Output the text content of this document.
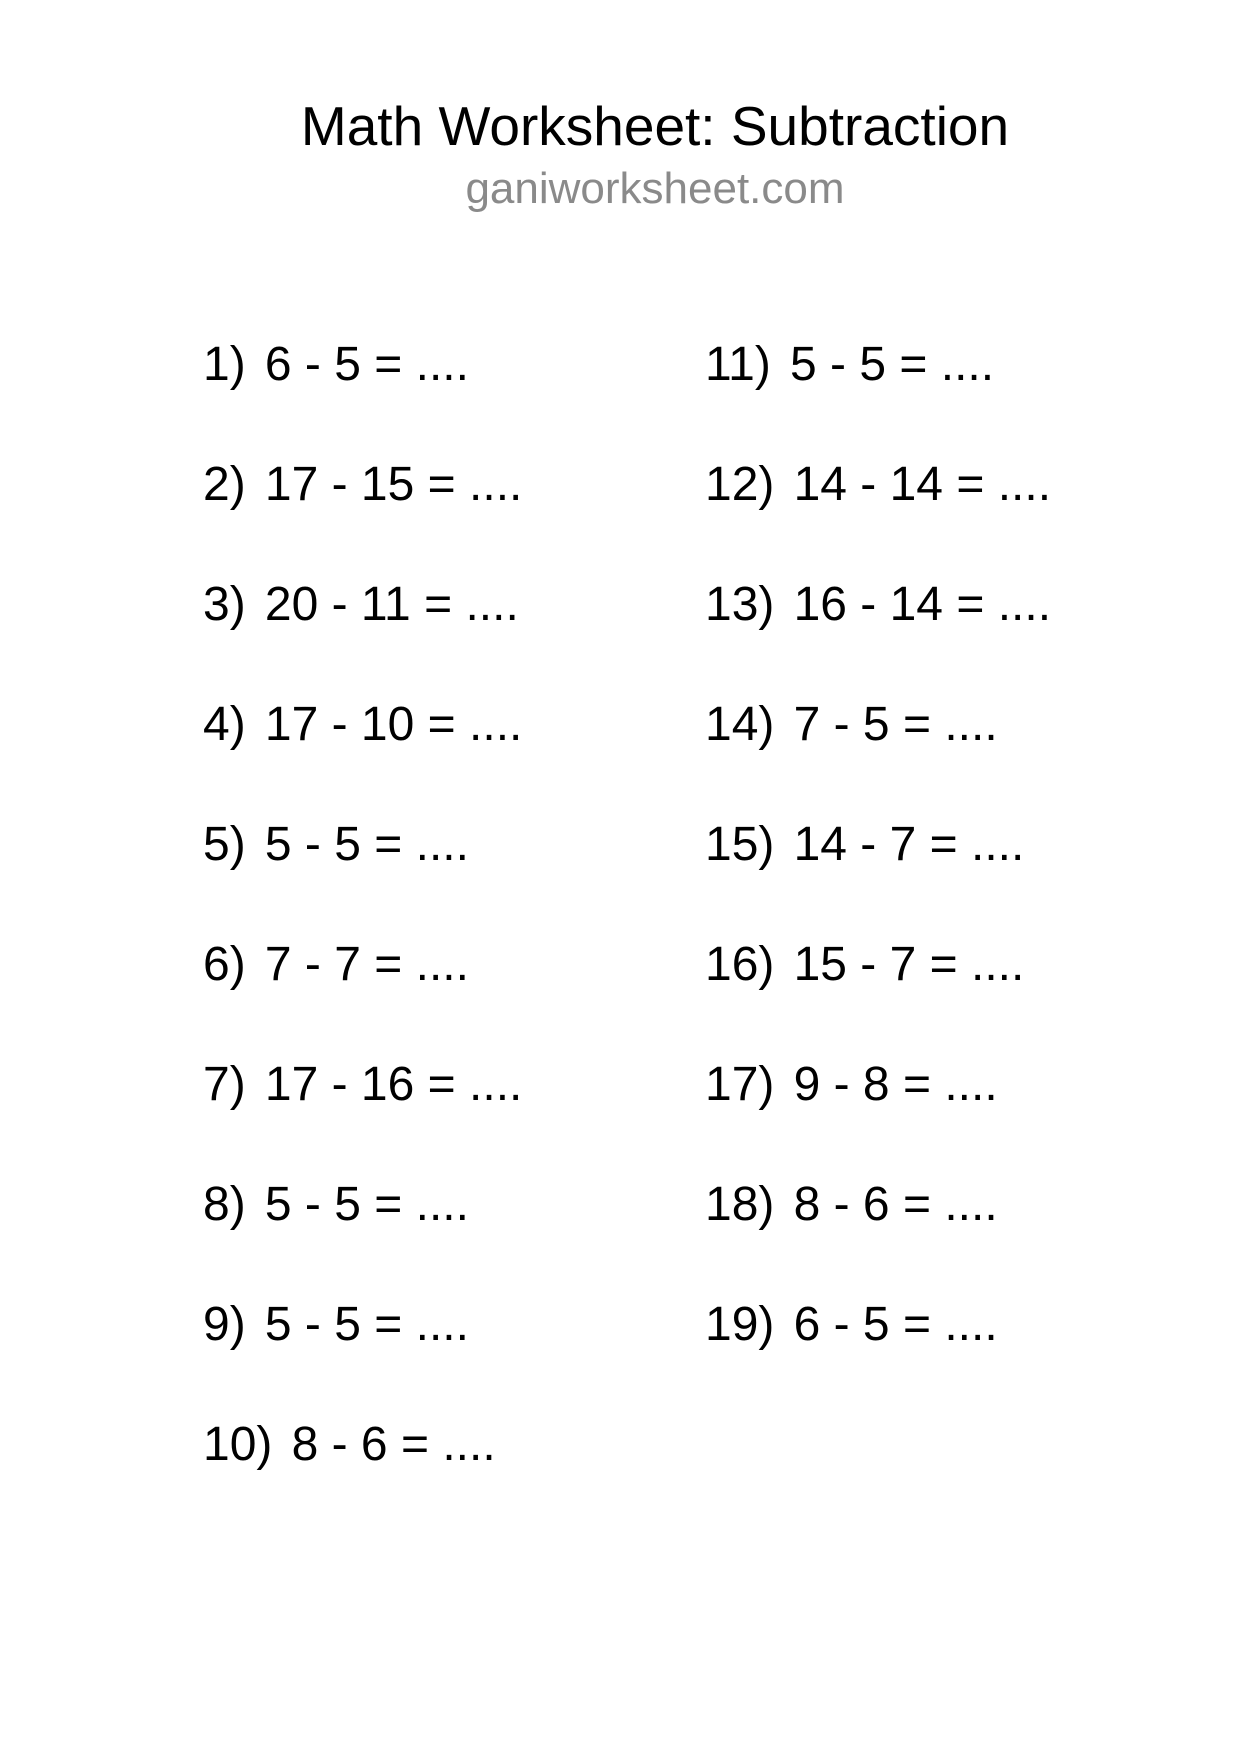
Math Worksheet: Subtraction
ganiworksheet.com
1) 6 - 5 = ....
2) 17 - 15 = ....
3) 20 - 11 = ....
4) 17 - 10 = ....
5) 5 - 5 = ....
6) 7 - 7 = ....
7) 17 - 16 = ....
8) 5 - 5 = ....
9) 5 - 5 = ....
10) 8 - 6 = ....
11) 5 - 5 = ....
12) 14 - 14 = ....
13) 16 - 14 = ....
14) 7 - 5 = ....
15) 14 - 7 = ....
16) 15 - 7 = ....
17) 9 - 8 = ....
18) 8 - 6 = ....
19) 6 - 5 = ....
